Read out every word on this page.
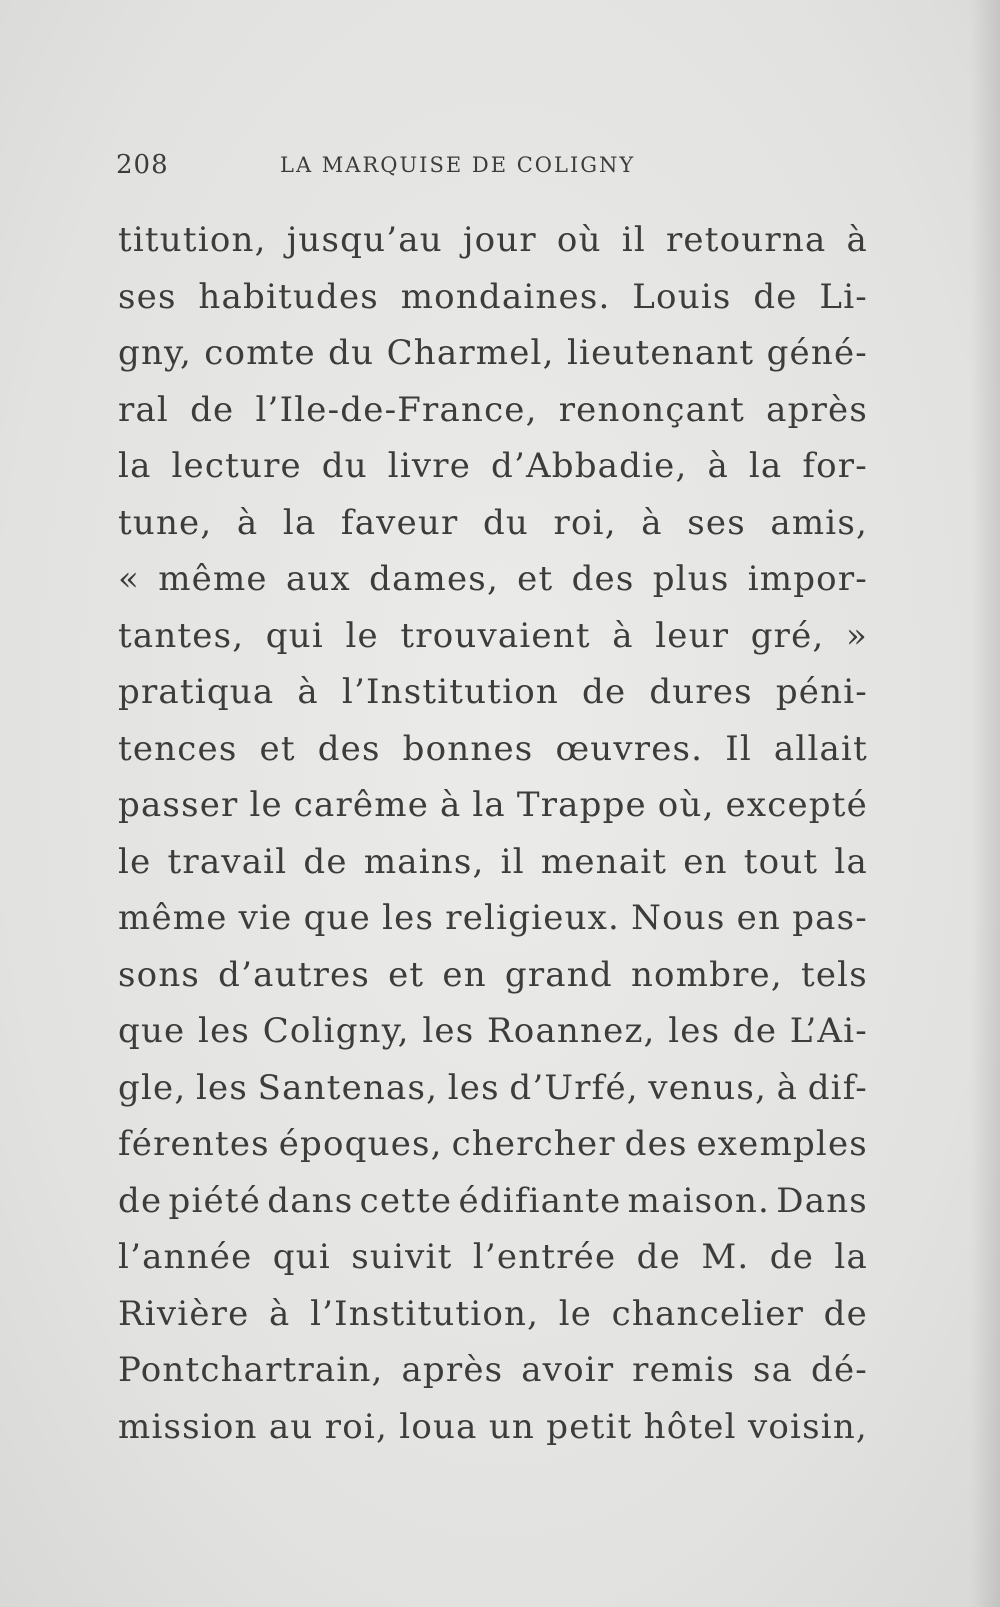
208	LA MARQUISE DE COLIGNY
titution, jusqu’au jour où il retourna à
ses habitudes mondaines. Louis de Li-
gny, comte du Charmel, lieutenant géné-
ral de l’Ile-de-France, renonçant après
la lecture du livre d’Abbadie, à la for-
tune, à la faveur du roi, à ses amis,
« même aux dames, et des plus impor-
tantes, qui le trouvaient à leur gré, »
pratiqua à l’Institution de dures péni-
tences et des bonnes œuvres. Il allait
passer le carême à la Trappe où, excepté
le travail de mains, il menait en tout la
même vie que les religieux. Nous en pas-
sons d’autres et en grand nombre, tels
que les Coligny, les Roannez, les de L’Ai-
gle, les Santenas, les d’Urfé, venus, à dif-
férentes époques, chercher des exemples
de piété dans cette édifiante maison. Dans
l’année qui suivit l’entrée de M. de la
Rivière à l’Institution, le chancelier de
Pontchartrain, après avoir remis sa dé-
mission au roi, loua un petit hôtel voisin,
